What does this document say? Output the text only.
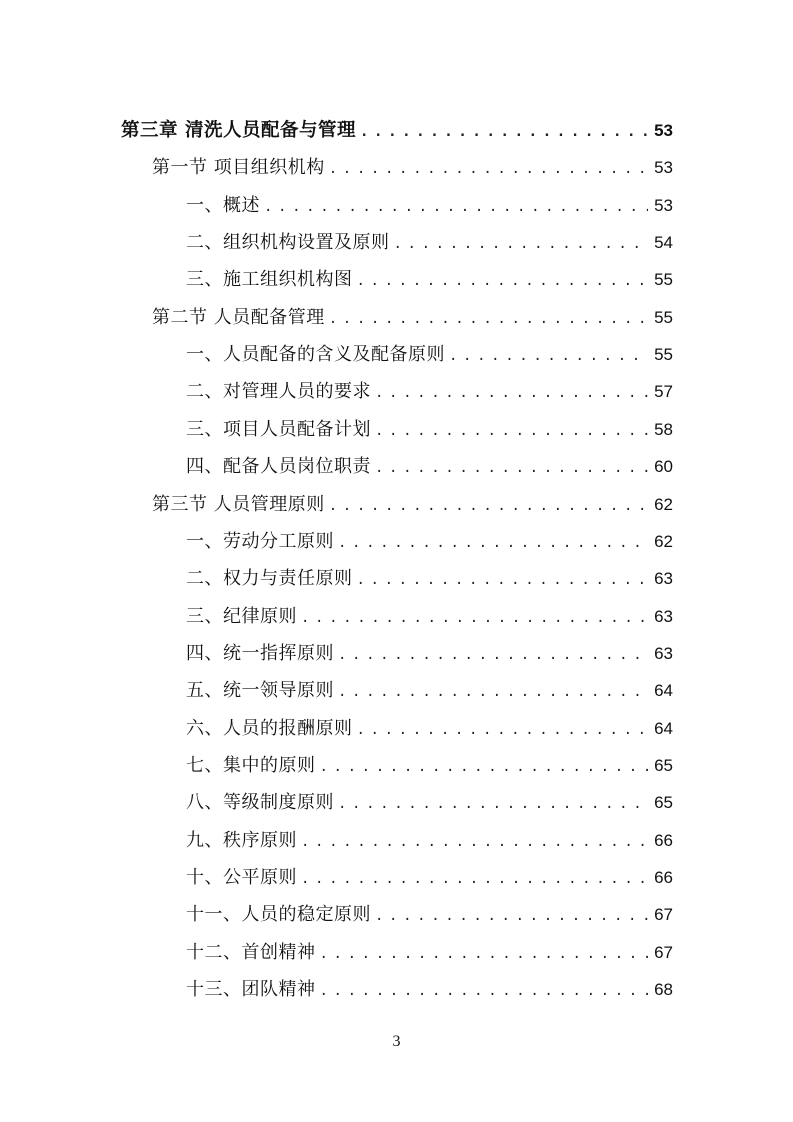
第三章 清洗人员配备与管理 . . .	53
第一节 项目组织机构 . . .	53
一、概述 . . .	53
二、组织机构设置及原则 . . .	54
三、施工组织机构图 . . .	55
第二节 人员配备管理 . . .	55
一、人员配备的含义及配备原则 . . .	55
二、对管理人员的要求 . . .	57
三、项目人员配备计划 . . .	58
四、配备人员岗位职责 . . .	60
第三节 人员管理原则 . . .	62
一、劳动分工原则 . . .	62
二、权力与责任原则 . . .	63
三、纪律原则 . . .	63
四、统一指挥原则 . . .	63
五、统一领导原则 . . .	64
六、人员的报酬原则 . . .	64
七、集中的原则 . . .	65
八、等级制度原则 . . .	65
九、秩序原则 . . .	66
十、公平原则 . . .	66
十一、人员的稳定原则 . . .	67
十二、首创精神 . . .	67
十三、团队精神 . . .	68
3
